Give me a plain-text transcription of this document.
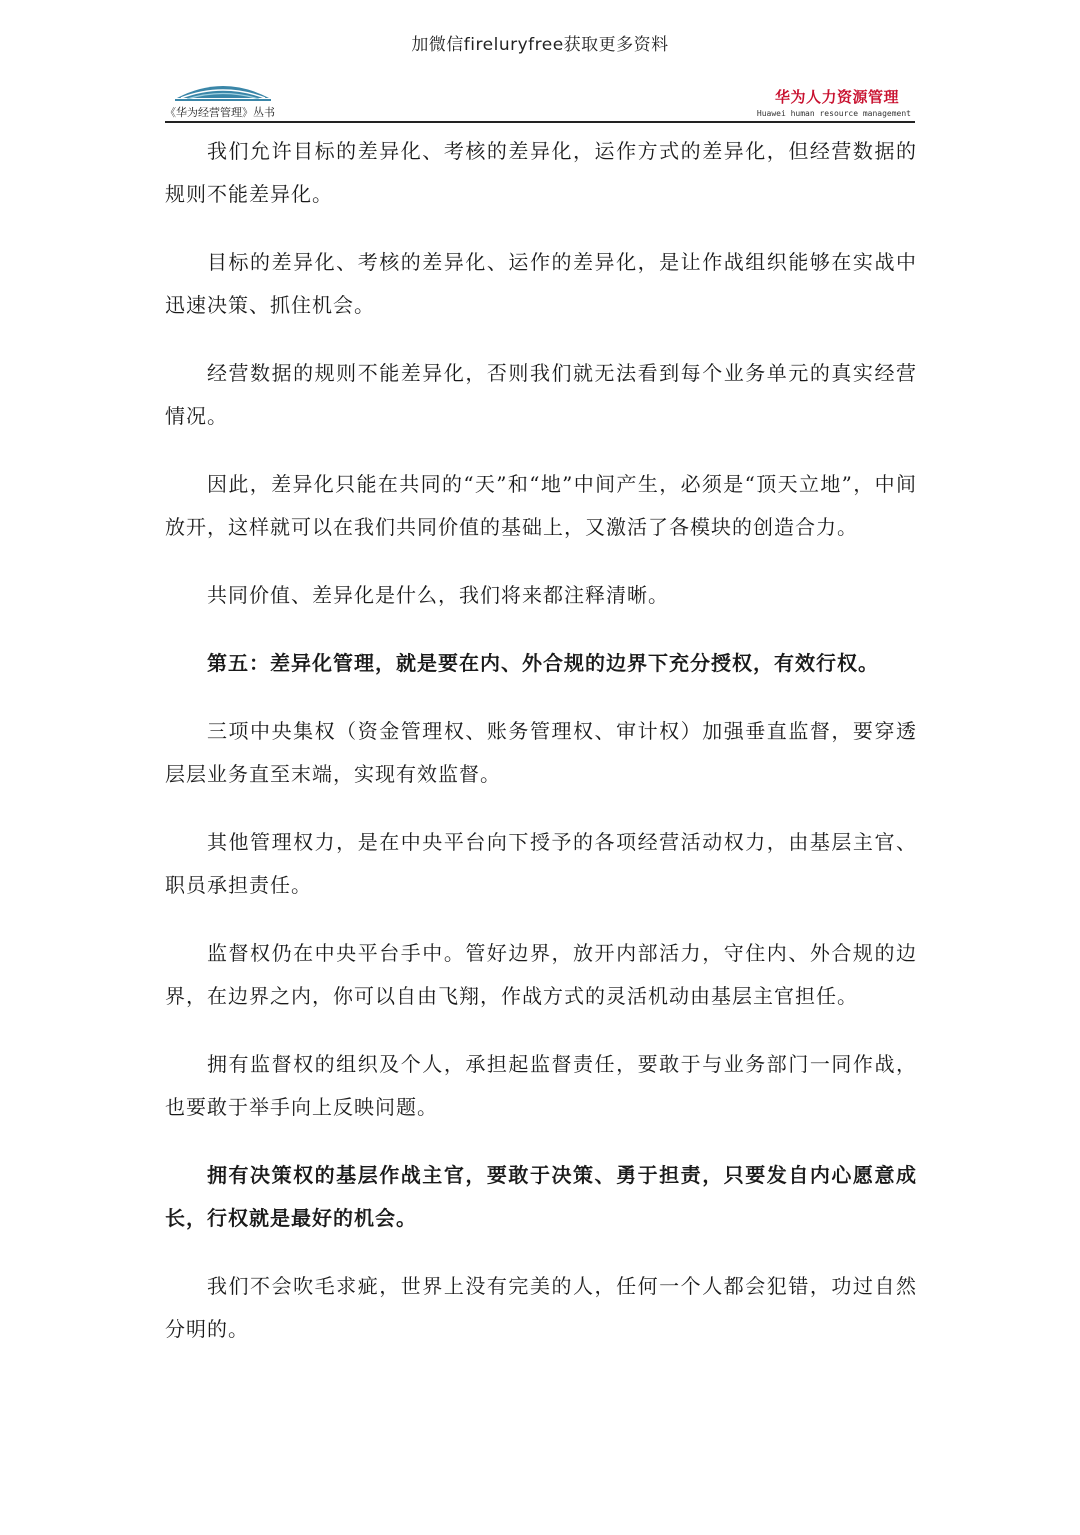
加微信fireluryfree获取更多资料
《华为经营管理》丛书
华为人力资源管理
Huawei human resource management

我们允许目标的差异化、考核的差异化，运作方式的差异化，但经营数据的规则不能差异化。

目标的差异化、考核的差异化、运作的差异化，是让作战组织能够在实战中迅速决策、抓住机会。

经营数据的规则不能差异化，否则我们就无法看到每个业务单元的真实经营情况。

因此，差异化只能在共同的“天”和“地”中间产生，必须是“顶天立地”，中间放开，这样就可以在我们共同价值的基础上，又激活了各模块的创造合力。

共同价值、差异化是什么，我们将来都注释清晰。

第五：差异化管理，就是要在内、外合规的边界下充分授权，有效行权。

三项中央集权（资金管理权、账务管理权、审计权）加强垂直监督，要穿透层层业务直至末端，实现有效监督。

其他管理权力，是在中央平台向下授予的各项经营活动权力，由基层主官、职员承担责任。

监督权仍在中央平台手中。管好边界，放开内部活力，守住内、外合规的边界，在边界之内，你可以自由飞翔，作战方式的灵活机动由基层主官担任。

拥有监督权的组织及个人，承担起监督责任，要敢于与业务部门一同作战，也要敢于举手向上反映问题。

拥有决策权的基层作战主官，要敢于决策、勇于担责，只要发自内心愿意成长，行权就是最好的机会。

我们不会吹毛求疵，世界上没有完美的人，任何一个人都会犯错，功过自然分明的。
